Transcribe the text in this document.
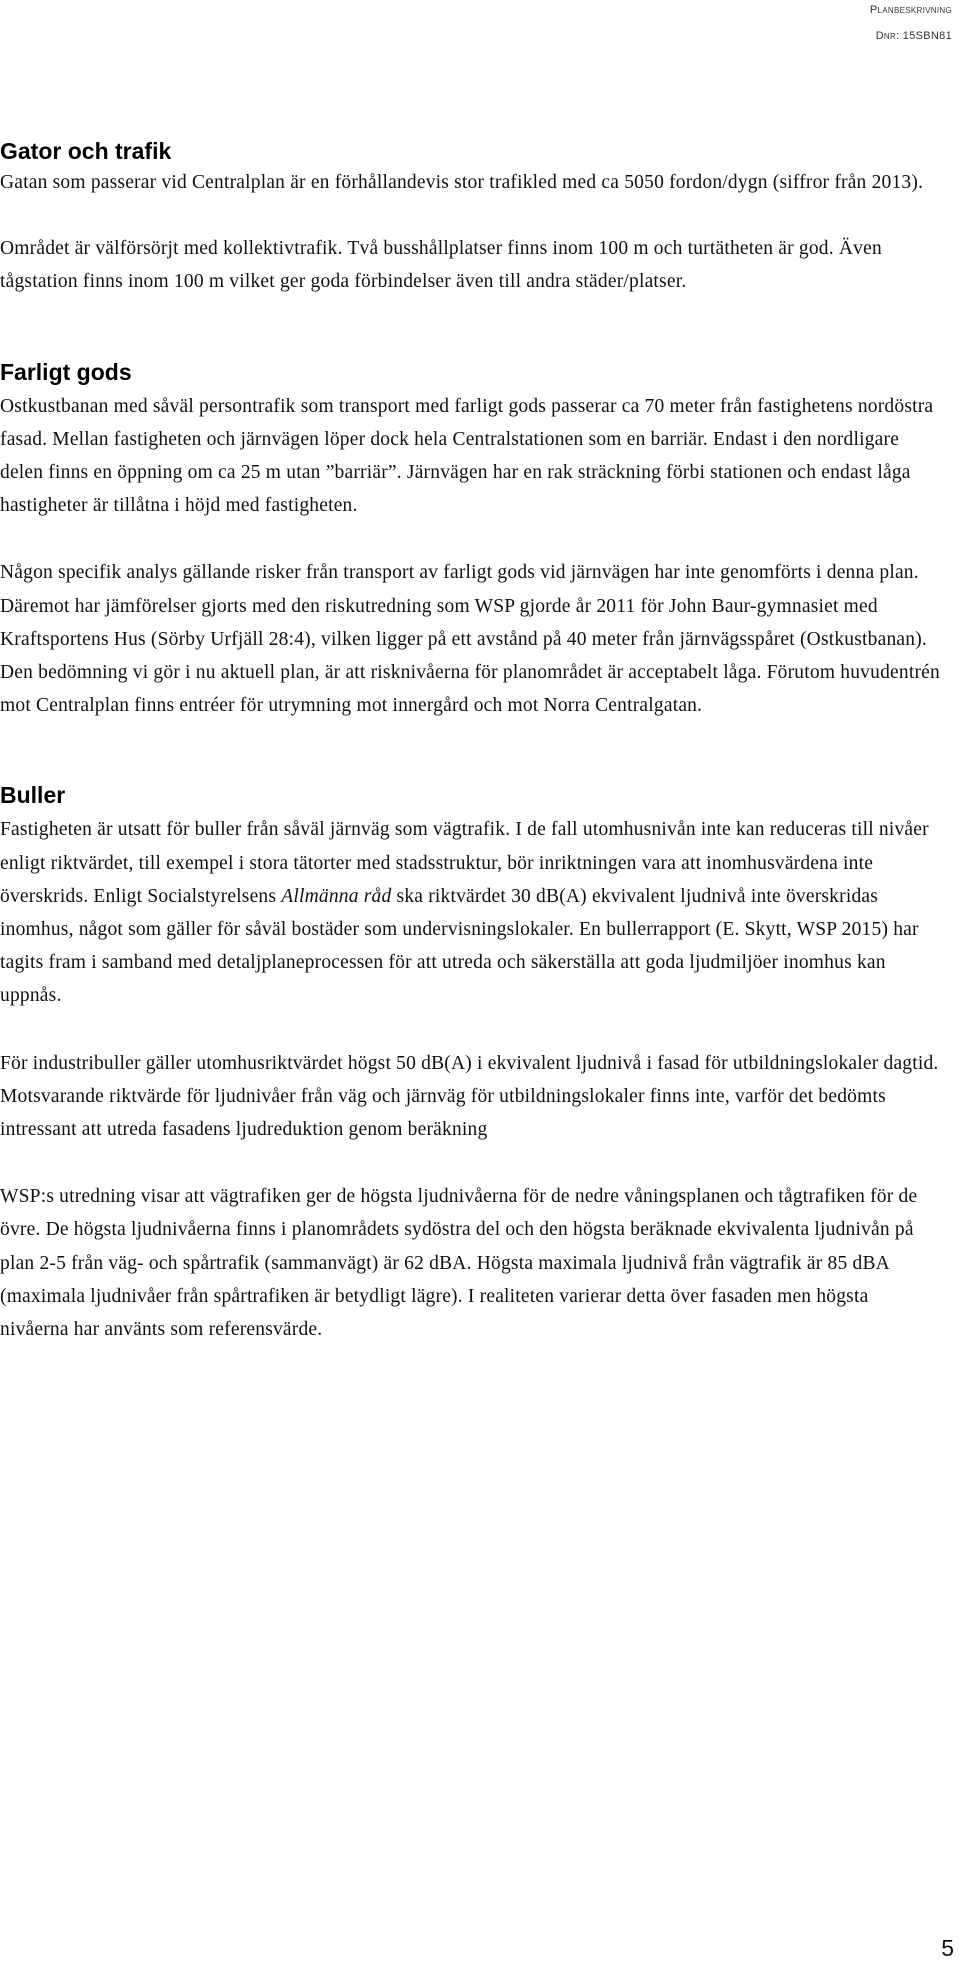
Planbeskrivning
Dnr: 15SBN81
Gator och trafik

Gatan som passerar vid Centralplan är en förhållandevis stor trafikled med ca 5050 fordon/dygn (siffror från 2013).

Området är välförsörjt med kollektivtrafik. Två busshållplatser finns inom 100 m och turtätheten är god. Även tågstation finns inom 100 m vilket ger goda förbindelser även till andra städer/platser.

Farligt gods

Ostkustbanan med såväl persontrafik som transport med farligt gods passerar ca 70 meter från fastighetens nordöstra fasad. Mellan fastigheten och järnvägen löper dock hela Centralstationen som en barriär. Endast i den nordligare delen finns en öppning om ca 25 m utan ”barriär”. Järnvägen har en rak sträckning förbi stationen och endast låga hastigheter är tillåtna i höjd med fastigheten.

Någon specifik analys gällande risker från transport av farligt gods vid järnvägen har inte genomförts i denna plan. Däremot har jämförelser gjorts med den riskutredning som WSP gjorde år 2011 för John Baur-gymnasiet med Kraftsportens Hus (Sörby Urfjäll 28:4), vilken ligger på ett avstånd på 40 meter från järnvägsspåret (Ostkustbanan). Den bedömning vi gör i nu aktuell plan, är att risknivåerna för planområdet är acceptabelt låga. Förutom huvudentrén mot Centralplan finns entréer för utrymning mot innergård och mot Norra Centralgatan.

Buller

Fastigheten är utsatt för buller från såväl järnväg som vägtrafik. I de fall utomhusnivån inte kan reduceras till nivåer enligt riktvärdet, till exempel i stora tätorter med stadsstruktur, bör inriktningen vara att inomhusvärdena inte överskrids. Enligt Socialstyrelsens Allmänna råd ska riktvärdet 30 dB(A) ekvivalent ljudnivå inte överskridas inomhus, något som gäller för såväl bostäder som undervisningslokaler. En bullerrapport (E. Skytt, WSP 2015) har tagits fram i samband med detaljplaneprocessen för att utreda och säkerställa att goda ljudmiljöer inomhus kan uppnås.

För industribuller gäller utomhusriktvärdet högst 50 dB(A) i ekvivalent ljudnivå i fasad för utbildningslokaler dagtid. Motsvarande riktvärde för ljudnivåer från väg och järnväg för utbildningslokaler finns inte, varför det bedömts intressant att utreda fasadens ljudreduktion genom beräkning

WSP:s utredning visar att vägtrafiken ger de högsta ljudnivåerna för de nedre våningsplanen och tågtrafiken för de övre. De högsta ljudnivåerna finns i planområdets sydöstra del och den högsta beräknade ekvivalenta ljudnivån på plan 2-5 från väg- och spårtrafik (sammanvägt) är 62 dBA. Högsta maximala ljudnivå från vägtrafik är 85 dBA (maximala ljudnivåer från spårtrafiken är betydligt lägre). I realiteten varierar detta över fasaden men högsta nivåerna har använts som referensvärde.

5
